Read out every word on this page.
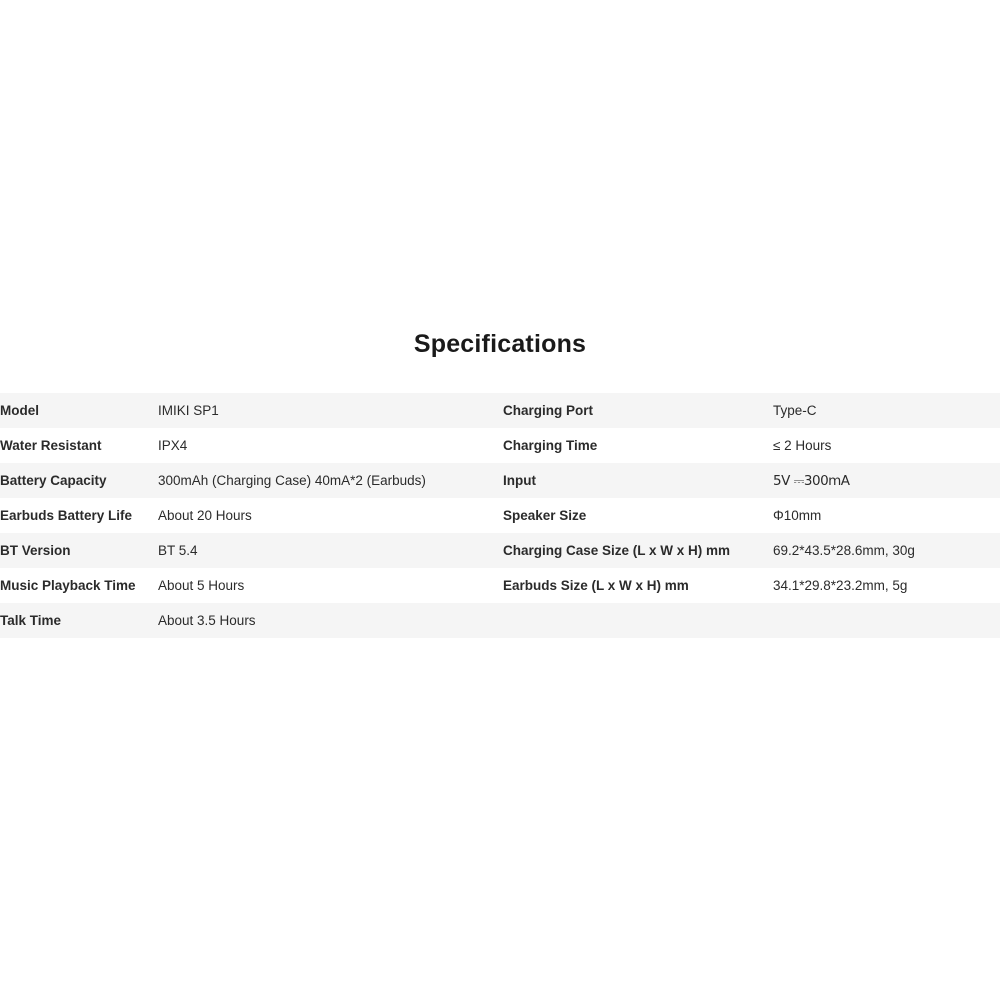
Specifications
Model	IMIKI SP1	Charging Port	Type-C

Water Resistant	IPX4	Charging Time	≤ 2 Hours

Battery Capacity	300mAh (Charging Case) 40mA*2 (Earbuds)	Input	5V ⎓300mA

Earbuds Battery Life	About 20 Hours	Speaker Size	Φ10mm

BT Version	BT 5.4	Charging Case Size (L x W x H) mm	69.2*43.5*28.6mm, 30g

Music Playback Time	About 5 Hours	Earbuds Size (L x W x H) mm	34.1*29.8*23.2mm, 5g

Talk Time	About 3.5 Hours		
